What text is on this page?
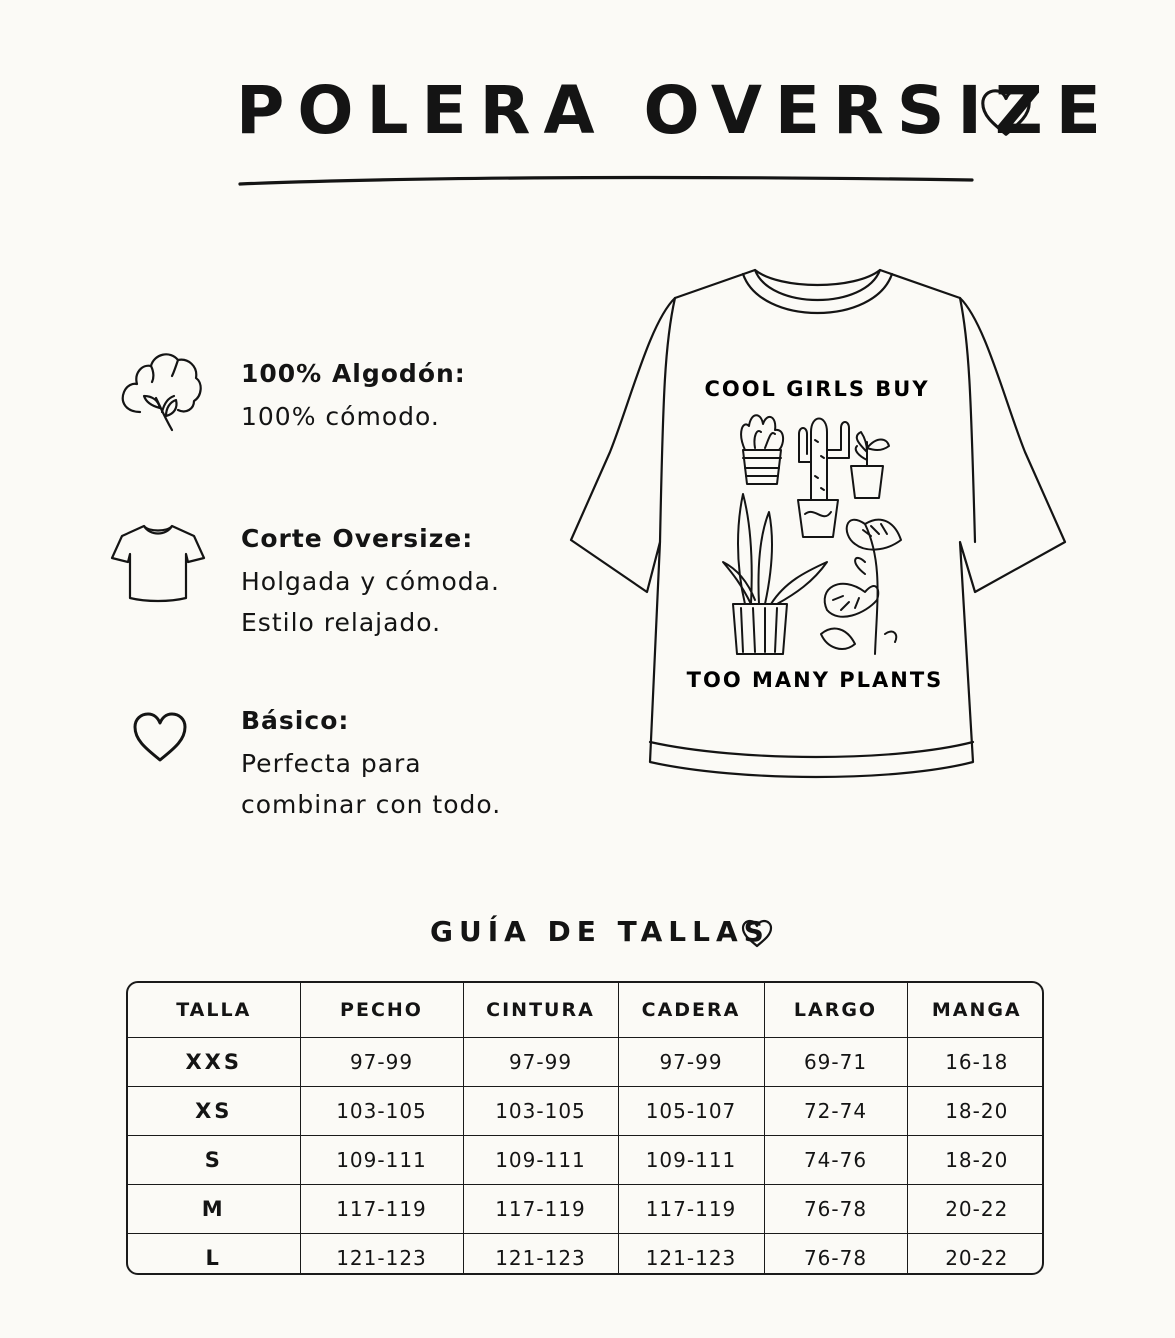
POLERA OVERSIZE
100% Algodón:
100% cómodo.
Corte Oversize:
Holgada y cómoda.
Estilo relajado.
Básico:
Perfecta para
combinar con todo.
COOL GIRLS BUY
TOO MANY PLANTS
GUÍA DE TALLAS
TALLA	PECHO	CINTURA	CADERA	LARGO	MANGA
XXS	97-99	97-99	97-99	69-71	16-18
XS	103-105	103-105	105-107	72-74	18-20
S	109-111	109-111	109-111	74-76	18-20
M	117-119	117-119	117-119	76-78	20-22
L	121-123	121-123	121-123	76-78	20-22
